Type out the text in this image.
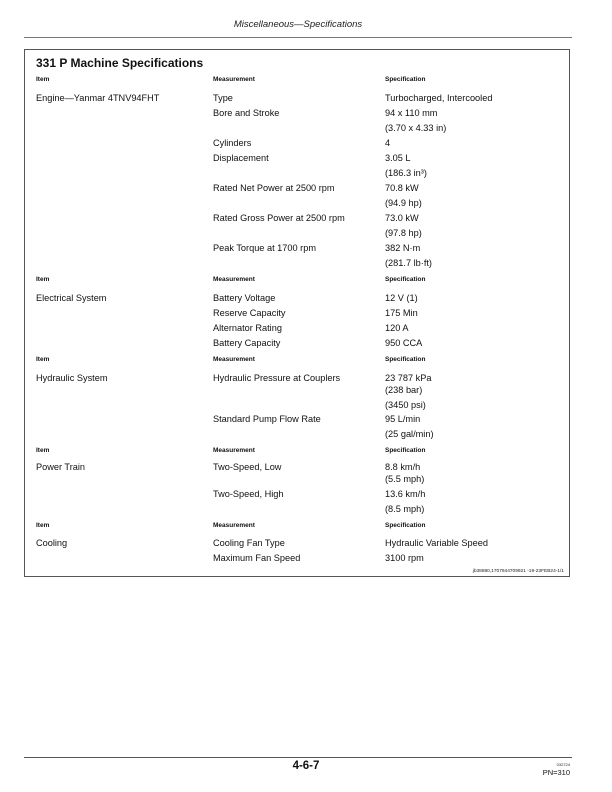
Miscellaneous—Specifications
331 P Machine Specifications
Item	Measurement	Specification
Engine—Yanmar 4TNV94FHT	Type	Turbocharged, Intercooled
Bore and Stroke	94 x 110 mm
(3.70 x 4.33 in)
Cylinders	4
Displacement	3.05 L
(186.3 in³)
Rated Net Power at 2500 rpm	70.8 kW
(94.9 hp)
Rated Gross Power at 2500 rpm	73.0 kW
(97.8 hp)
Peak Torque at 1700 rpm	382 N·m
(281.7 lb·ft)
Item	Measurement	Specification
Electrical System	Battery Voltage	12 V (1)
Reserve Capacity	175 Min
Alternator Rating	120 A
Battery Capacity	950 CCA
Item	Measurement	Specification
Hydraulic System	Hydraulic Pressure at Couplers	23 787 kPa
(238 bar)
(3450 psi)
Standard Pump Flow Rate	95 L/min
(25 gal/min)
Item	Measurement	Specification
Power Train	Two-Speed, Low	8.8 km/h
(5.5 mph)
Two-Speed, High	13.6 km/h
(8.5 mph)
Item	Measurement	Specification
Cooling	Cooling Fan Type	Hydraulic Variable Speed
Maximum Fan Speed	3100 rpm
jb38880,1707944709921 -19-23FEB24-1/1
4-6-7	032724
PN=310
